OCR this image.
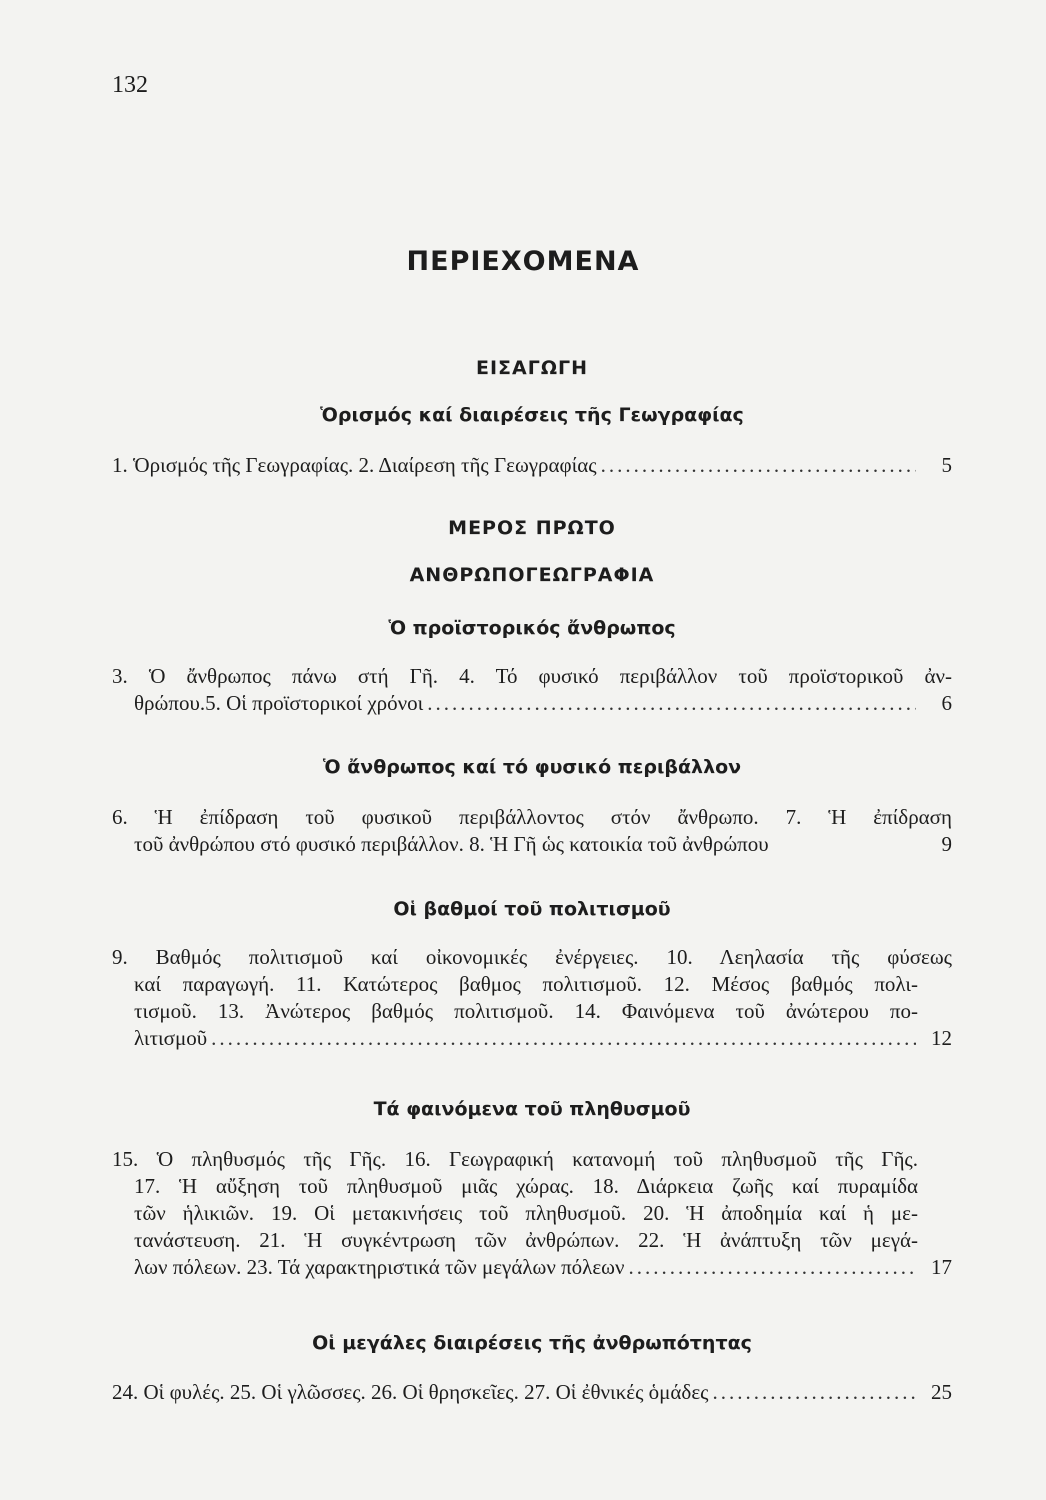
132
ΠΕΡΙΕΧΟΜΕΝΑ
ΕΙΣΑΓΩΓΗ
Ὁρισμός καί διαιρέσεις τῆς Γεωγραφίας
1. Ὁρισμός τῆς Γεωγραφίας. 2. Διαίρεση τῆς Γεωγραφίας .....	5
ΜΕΡΟΣ ΠΡΩΤΟ
ΑΝΘΡΩΠΟΓΕΩΓΡΑΦΙΑ
Ὁ προϊστορικός ἄνθρωπος
3. Ὁ ἄνθρωπος πάνω στή Γῆ. 4. Τό φυσικό περιβάλλον τοῦ προϊστορικοῦ ἀν-
θρώπου.5. Οἱ προϊστορικοί χρόνοι .....	6
Ὁ ἄνθρωπος καί τό φυσικό περιβάλλον
6. Ἡ ἐπίδραση τοῦ φυσικοῦ περιβάλλοντος στόν ἄνθρωπο. 7. Ἡ ἐπίδραση
τοῦ ἀνθρώπου στό φυσικό περιβάλλον. 8. Ἡ Γῆ ὡς κατοικία τοῦ ἀνθρώπου	9
Οἱ βαθμοί τοῦ πολιτισμοῦ
9. Βαθμός πολιτισμοῦ καί οἰκονομικές ἐνέργειες. 10. Λεηλασία τῆς φύσεως
καί παραγωγή. 11. Κατώτερος βαθμος πολιτισμοῦ. 12. Μέσος βαθμός πολι-
τισμοῦ. 13. Ἀνώτερος βαθμός πολιτισμοῦ. 14. Φαινόμενα τοῦ ἀνώτερου πο-
λιτισμοῦ .....	12
Τά φαινόμενα τοῦ πληθυσμοῦ
15. Ὁ πληθυσμός τῆς Γῆς. 16. Γεωγραφική κατανομή τοῦ πληθυσμοῦ τῆς Γῆς.
17. Ἡ αὔξηση τοῦ πληθυσμοῦ μιᾶς χώρας. 18. Διάρκεια ζωῆς καί πυραμίδα
τῶν ἡλικιῶν. 19. Οἱ μετακινήσεις τοῦ πληθυσμοῦ. 20. Ἡ ἀποδημία καί ἡ με-
τανάστευση. 21. Ἡ συγκέντρωση τῶν ἀνθρώπων. 22. Ἡ ἀνάπτυξη τῶν μεγά-
λων πόλεων. 23. Τά χαρακτηριστικά τῶν μεγάλων πόλεων .....	17
Οἱ μεγάλες διαιρέσεις τῆς ἀνθρωπότητας
24. Οἱ φυλές. 25. Οἱ γλῶσσες. 26. Οἱ θρησκεῖες. 27. Οἱ ἐθνικές ὁμάδες .....	25
